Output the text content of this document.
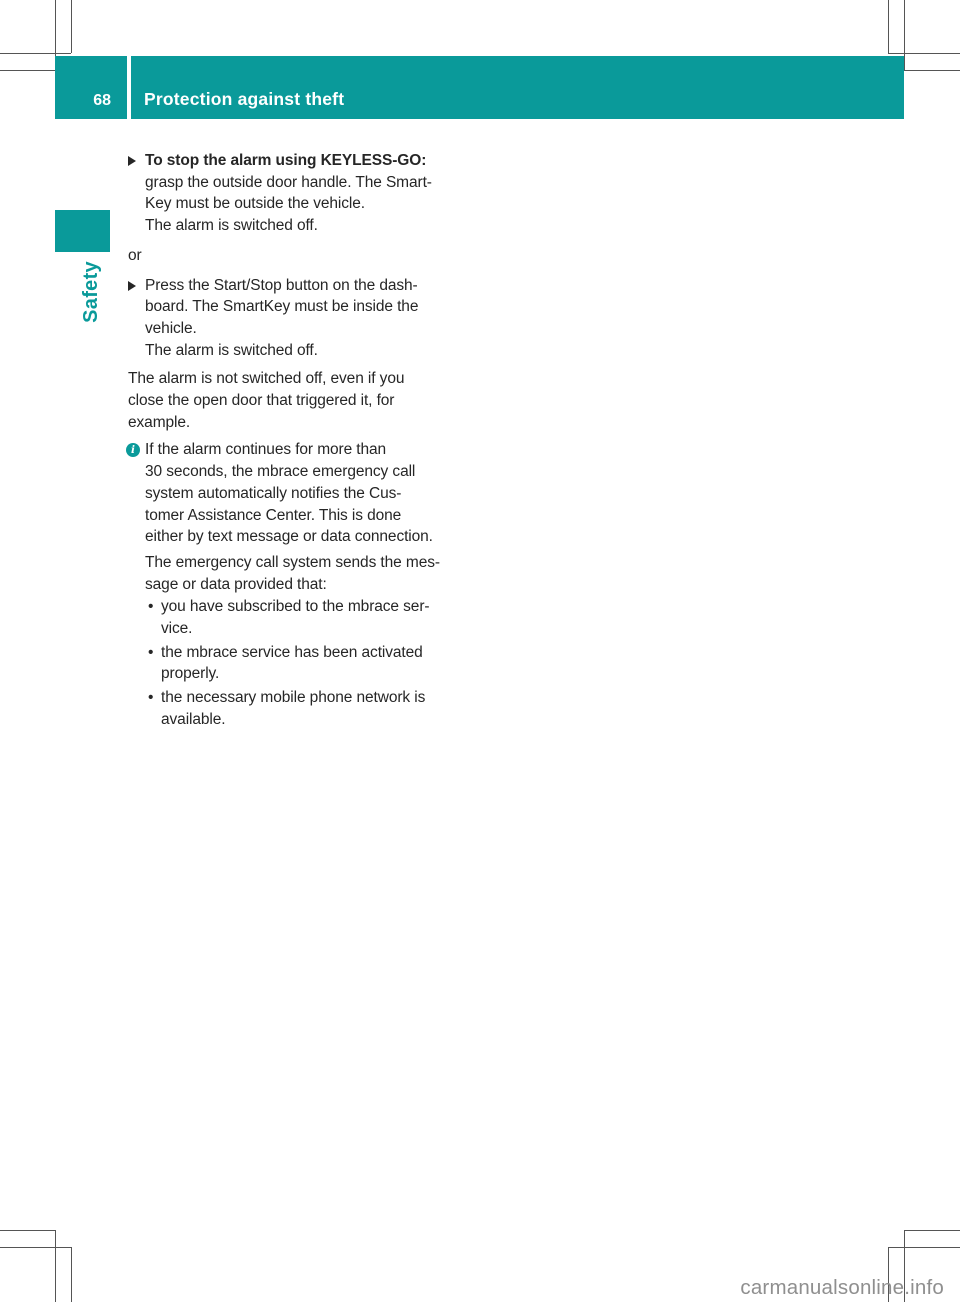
68	Protection against theft
Safety
To stop the alarm using KEYLESS-GO:
grasp the outside door handle. The Smart-
Key must be outside the vehicle.
The alarm is switched off.
or
Press the Start/Stop button on the dash-
board. The SmartKey must be inside the
vehicle.
The alarm is switched off.
The alarm is not switched off, even if you
close the open door that triggered it, for
example.
i If the alarm continues for more than
30 seconds, the mbrace emergency call
system automatically notifies the Cus-
tomer Assistance Center. This is done
either by text message or data connection.
The emergency call system sends the mes-
sage or data provided that:
• you have subscribed to the mbrace ser-
vice.
• the mbrace service has been activated
properly.
• the necessary mobile phone network is
available.
carmanualsonline.info
